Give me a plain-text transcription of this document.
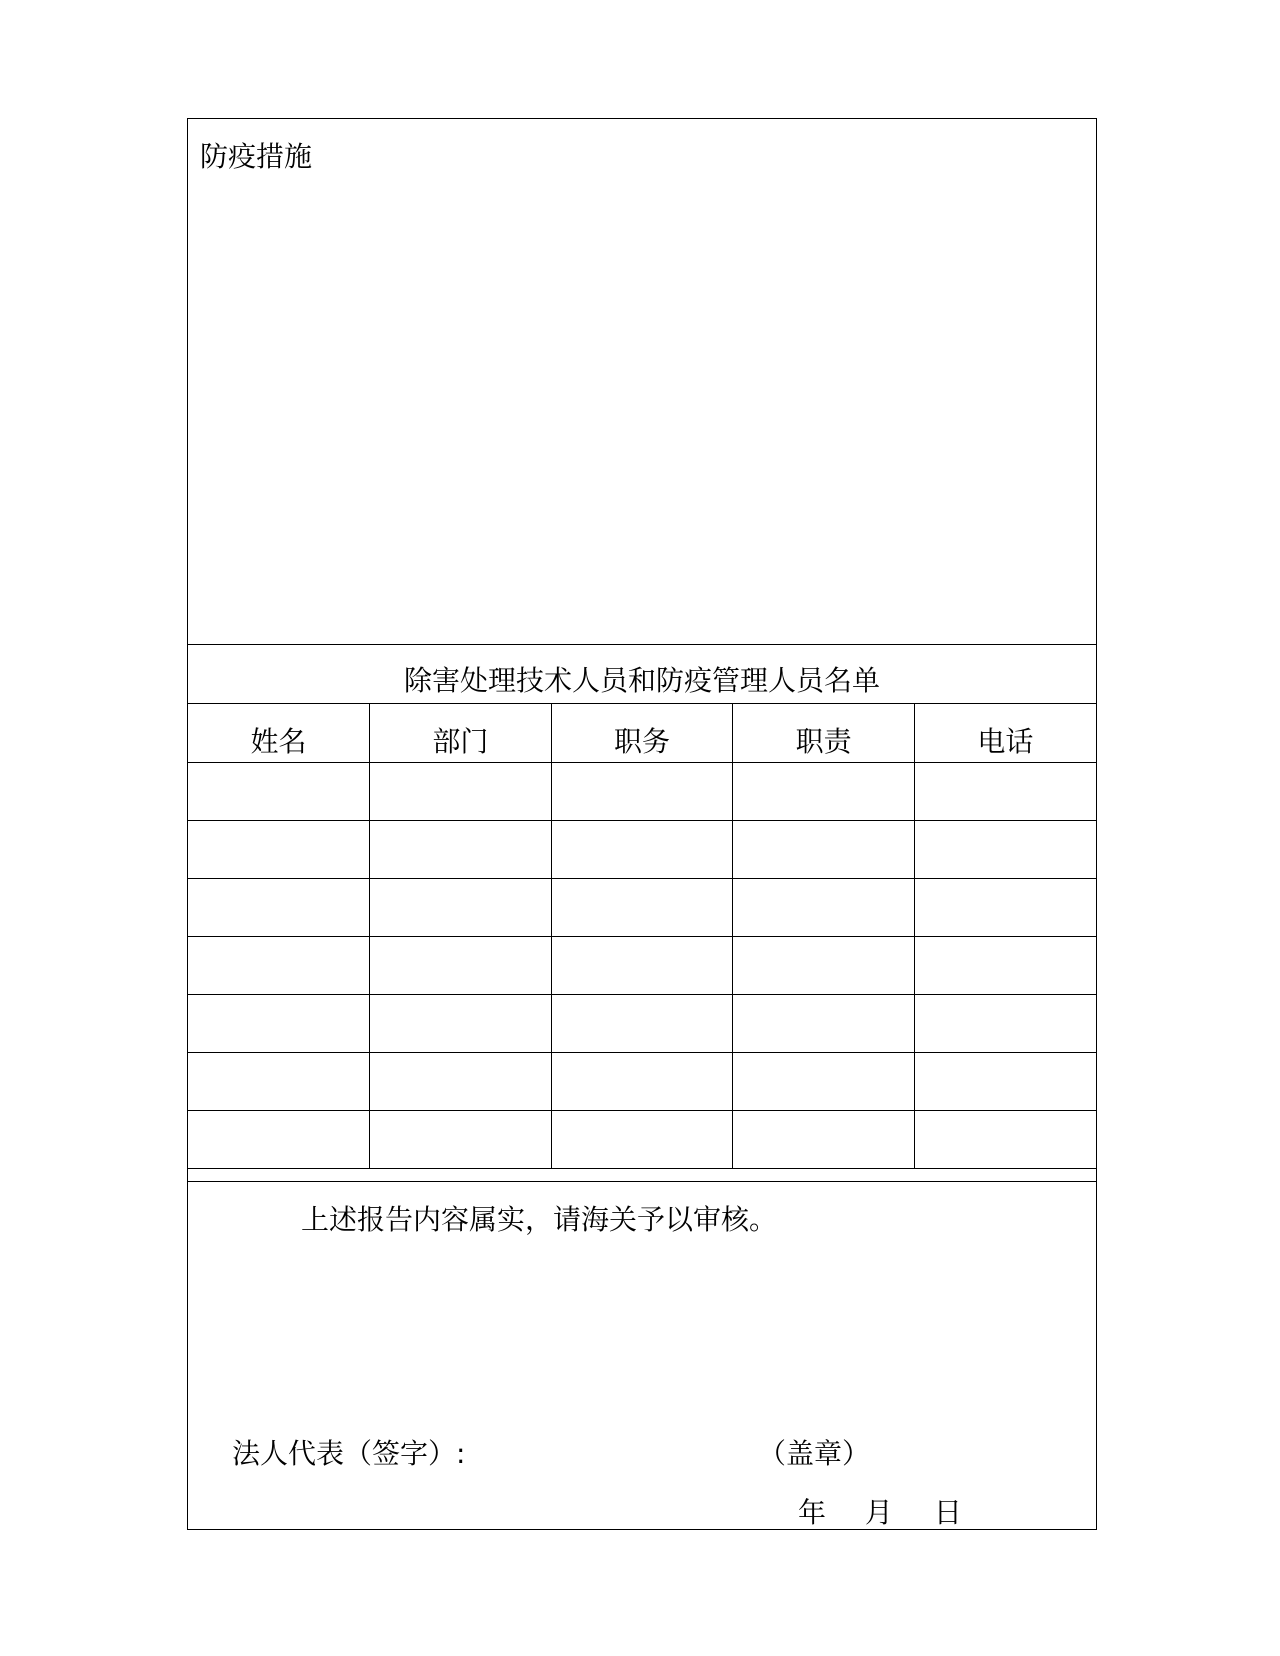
防疫措施
除害处理技术人员和防疫管理人员名单
姓名	部门	职务	职责	电话

上述报告内容属实，请海关予以审核。
法人代表（签字）:	（盖章）
年 月 日
